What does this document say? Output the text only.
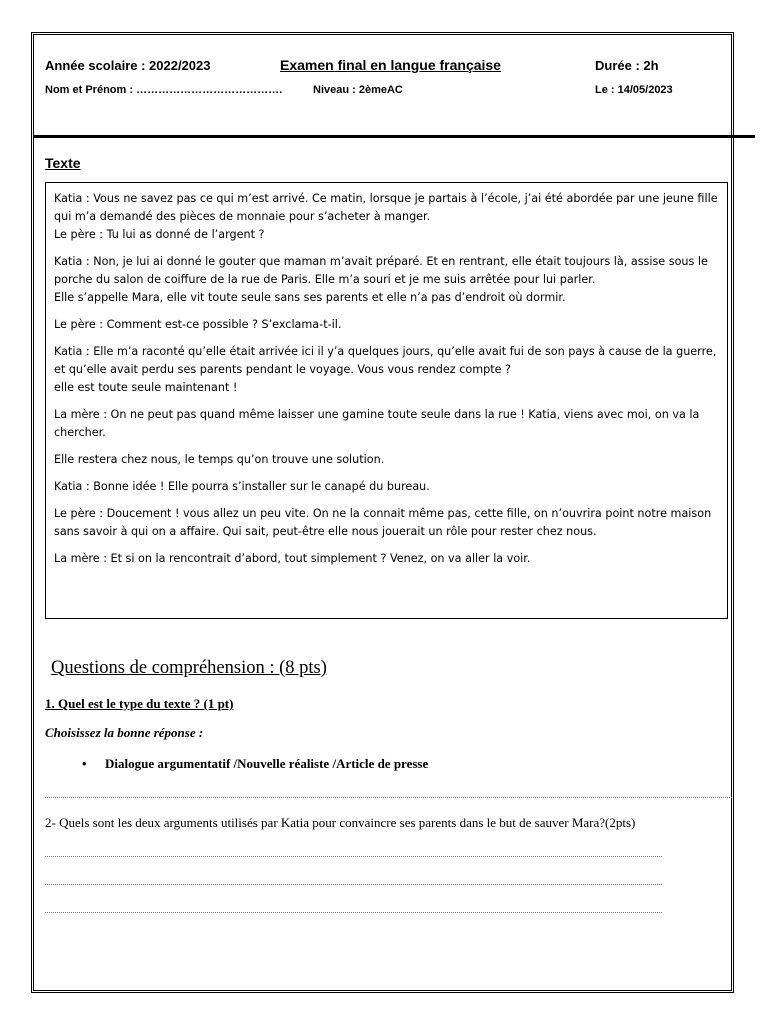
Année scolaire : 2022/2023	Examen final en langue française	Durée : 2h
Nom et Prénom : ………………………………….	Niveau : 2èmeAC	Le : 14/05/2023
Texte

Katia : Vous ne savez pas ce qui m’est arrivé. Ce matin, lorsque je partais à l’école, j’ai été abordée par une jeune fille qui m’a demandé des pièces de monnaie pour s’acheter à manger.
Le père : Tu lui as donné de l’argent ?

Katia : Non, je lui ai donné le gouter que maman m’avait préparé. Et en rentrant, elle était toujours là, assise sous le porche du salon de coiffure de la rue de Paris. Elle m’a souri et je me suis arrêtée pour lui parler.
Elle s’appelle Mara, elle vit toute seule sans ses parents et elle n’a pas d’endroit où dormir.

Le père : Comment est-ce possible ? S’exclama-t-il.

Katia : Elle m’a raconté qu’elle était arrivée ici il y’a quelques jours, qu’elle avait fui de son pays à cause de la guerre, et qu’elle avait perdu ses parents pendant le voyage. Vous vous rendez compte ?
elle est toute seule maintenant !

La mère : On ne peut pas quand même laisser une gamine toute seule dans la rue ! Katia, viens avec moi, on va la chercher.

Elle restera chez nous, le temps qu’on trouve une solution.

Katia : Bonne idée ! Elle pourra s’installer sur le canapé du bureau.

Le père : Doucement ! vous allez un peu vite. On ne la connait même pas, cette fille, on n’ouvrira point notre maison sans savoir à qui on a affaire. Qui sait, peut-être elle nous jouerait un rôle pour rester chez nous.

La mère : Et si on la rencontrait d’abord, tout simplement ? Venez, on va aller la voir.

Questions de compréhension : (8 pts)
1. Quel est le type du texte ? (1 pt)
Choisissez la bonne réponse :
• Dialogue argumentatif /Nouvelle réaliste /Article de presse
2- Quels sont les deux arguments utilisés par Katia pour convaincre ses parents dans le but de sauver Mara?(2pts)
